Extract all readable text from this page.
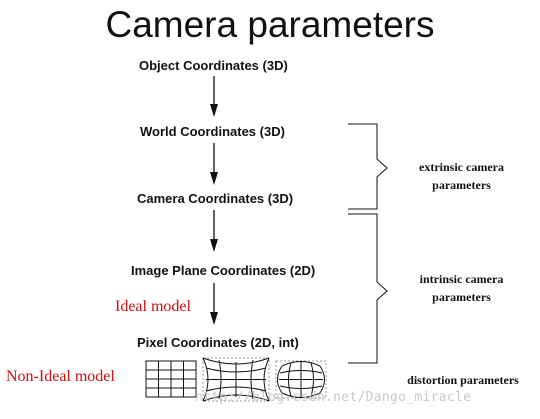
Camera parameters
Object Coordinates (3D)
World Coordinates (3D)
Camera Coordinates (3D)
Image Plane Coordinates (2D)
Pixel Coordinates (2D, int)
extrinsic camera
parameters
intrinsic camera
parameters
distortion parameters
Ideal model
Non-Ideal model
http://blog.csdn.net/Dango_miracle
